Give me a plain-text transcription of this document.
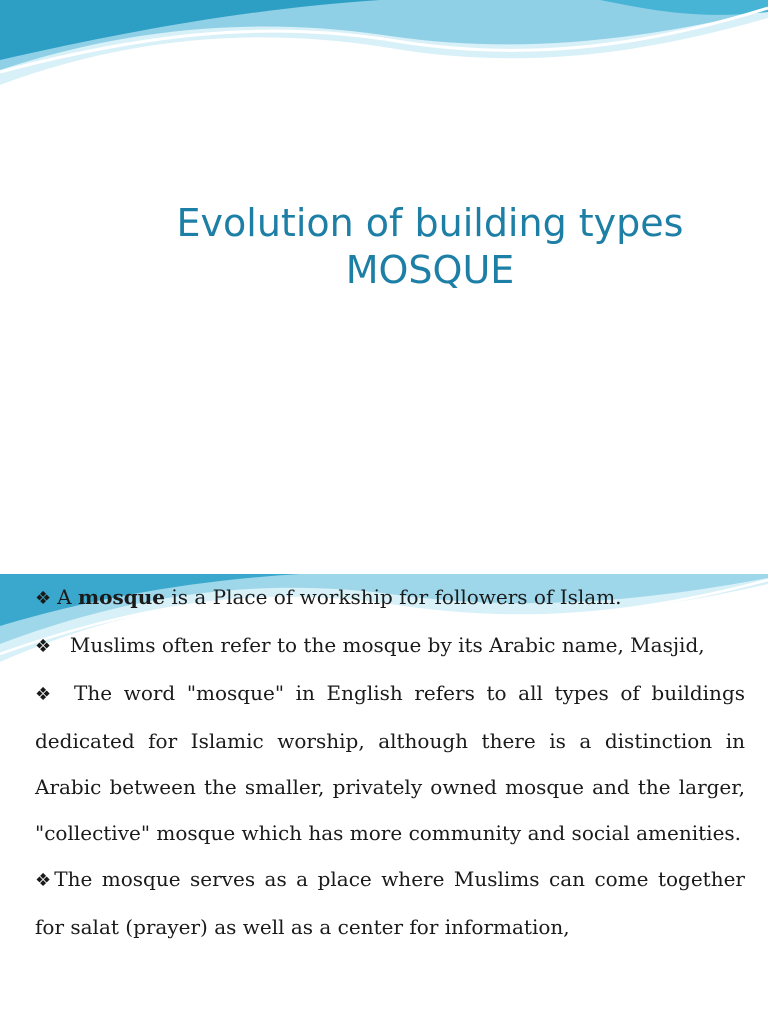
Evolution of building types
MOSQUE

❖ A mosque is a Place of workship for followers of Islam.

❖ Muslims often refer to the mosque by its Arabic name, Masjid,

❖ The word "mosque" in English refers to all types of buildings dedicated for Islamic worship, although there is a distinction in Arabic between the smaller, privately owned mosque and the larger, "collective" mosque which has more community and social amenities.

❖The mosque serves as a place where Muslims can come together for salat (prayer) as well as a center for information,
